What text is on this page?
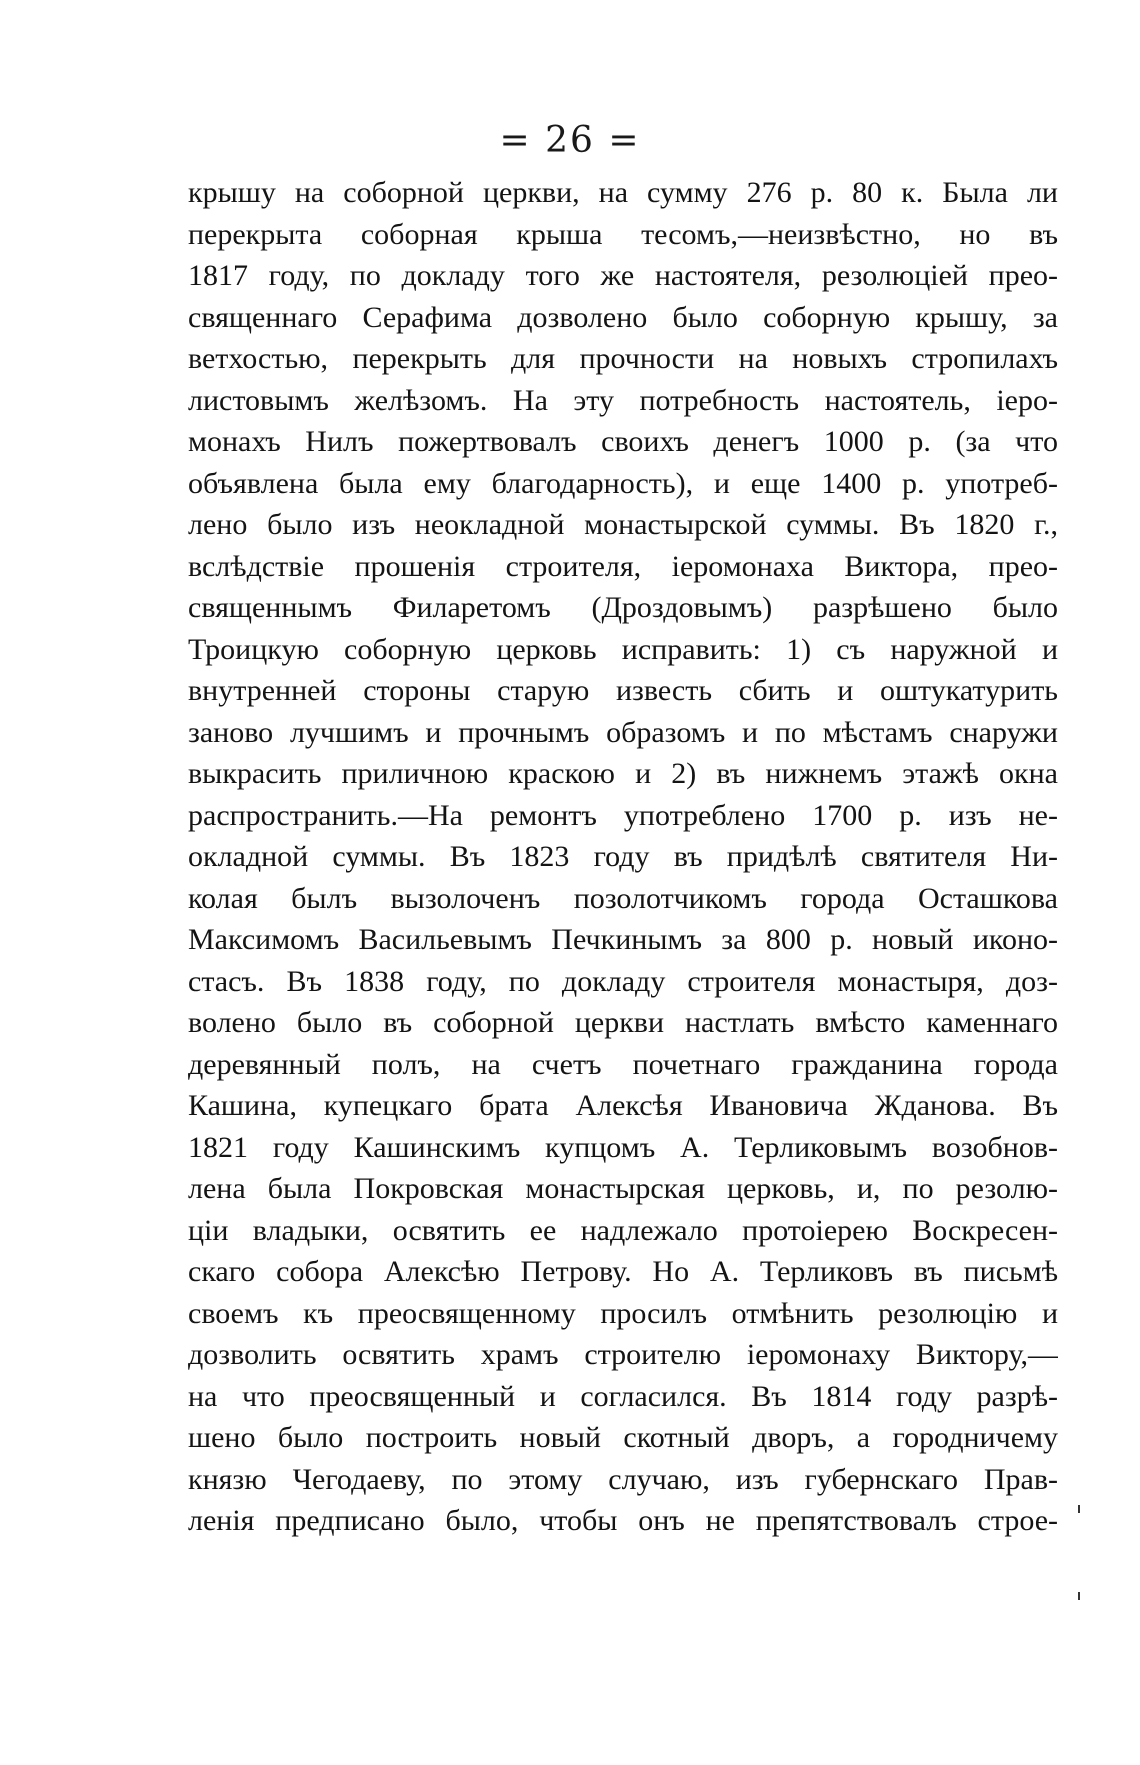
= 26 =
крышу на соборной церкви, на сумму 276 р. 80 к. Была ли
перекрыта соборная крыша тесомъ,—неизвѣстно, но въ
1817 году, по докладу того же настоятеля, резолюціей прео-
священнаго Серафима дозволено было соборную крышу, за
ветхостью, перекрыть для прочности на новыхъ стропилахъ
листовымъ желѣзомъ. На эту потребность настоятель, іеро-
монахъ Нилъ пожертвовалъ своихъ денегъ 1000 р. (за что
объявлена была ему благодарность), и еще 1400 р. употреб-
лено было изъ неокладной монастырской суммы. Въ 1820 г.,
вслѣдствіе прошенія строителя, іеромонаха Виктора, прео-
священнымъ Филаретомъ (Дроздовымъ) разрѣшено было
Троицкую соборную церковь исправить: 1) съ наружной и
внутренней стороны старую известь сбить и оштукатурить
заново лучшимъ и прочнымъ образомъ и по мѣстамъ снаружи
выкрасить приличною краскою и 2) въ нижнемъ этажѣ окна
распространить.—На ремонтъ употреблено 1700 р. изъ не-
окладной суммы. Въ 1823 году въ придѣлѣ святителя Ни-
колая былъ вызолоченъ позолотчикомъ города Осташкова
Максимомъ Васильевымъ Печкинымъ за 800 р. новый иконо-
стасъ. Въ 1838 году, по докладу строителя монастыря, доз-
волено было въ соборной церкви настлать вмѣсто каменнаго
деревянный полъ, на счетъ почетнаго гражданина города
Кашина, купецкаго брата Алексѣя Ивановича Жданова. Въ
1821 году Кашинскимъ купцомъ А. Терликовымъ возобнов-
лена была Покровская монастырская церковь, и, по резолю-
ціи владыки, освятить ее надлежало протоіерею Воскресен-
скаго собора Алексѣю Петрову. Но А. Терликовъ въ письмѣ
своемъ къ преосвященному просилъ отмѣнить резолюцію и
дозволить освятить храмъ строителю іеромонаху Виктору,—
на что преосвященный и согласился. Въ 1814 году разрѣ-
шено было построить новый скотный дворъ, а городничему
князю Чегодаеву, по этому случаю, изъ губернскаго Прав-
ленія предписано было, чтобы онъ не препятствовалъ строе-
